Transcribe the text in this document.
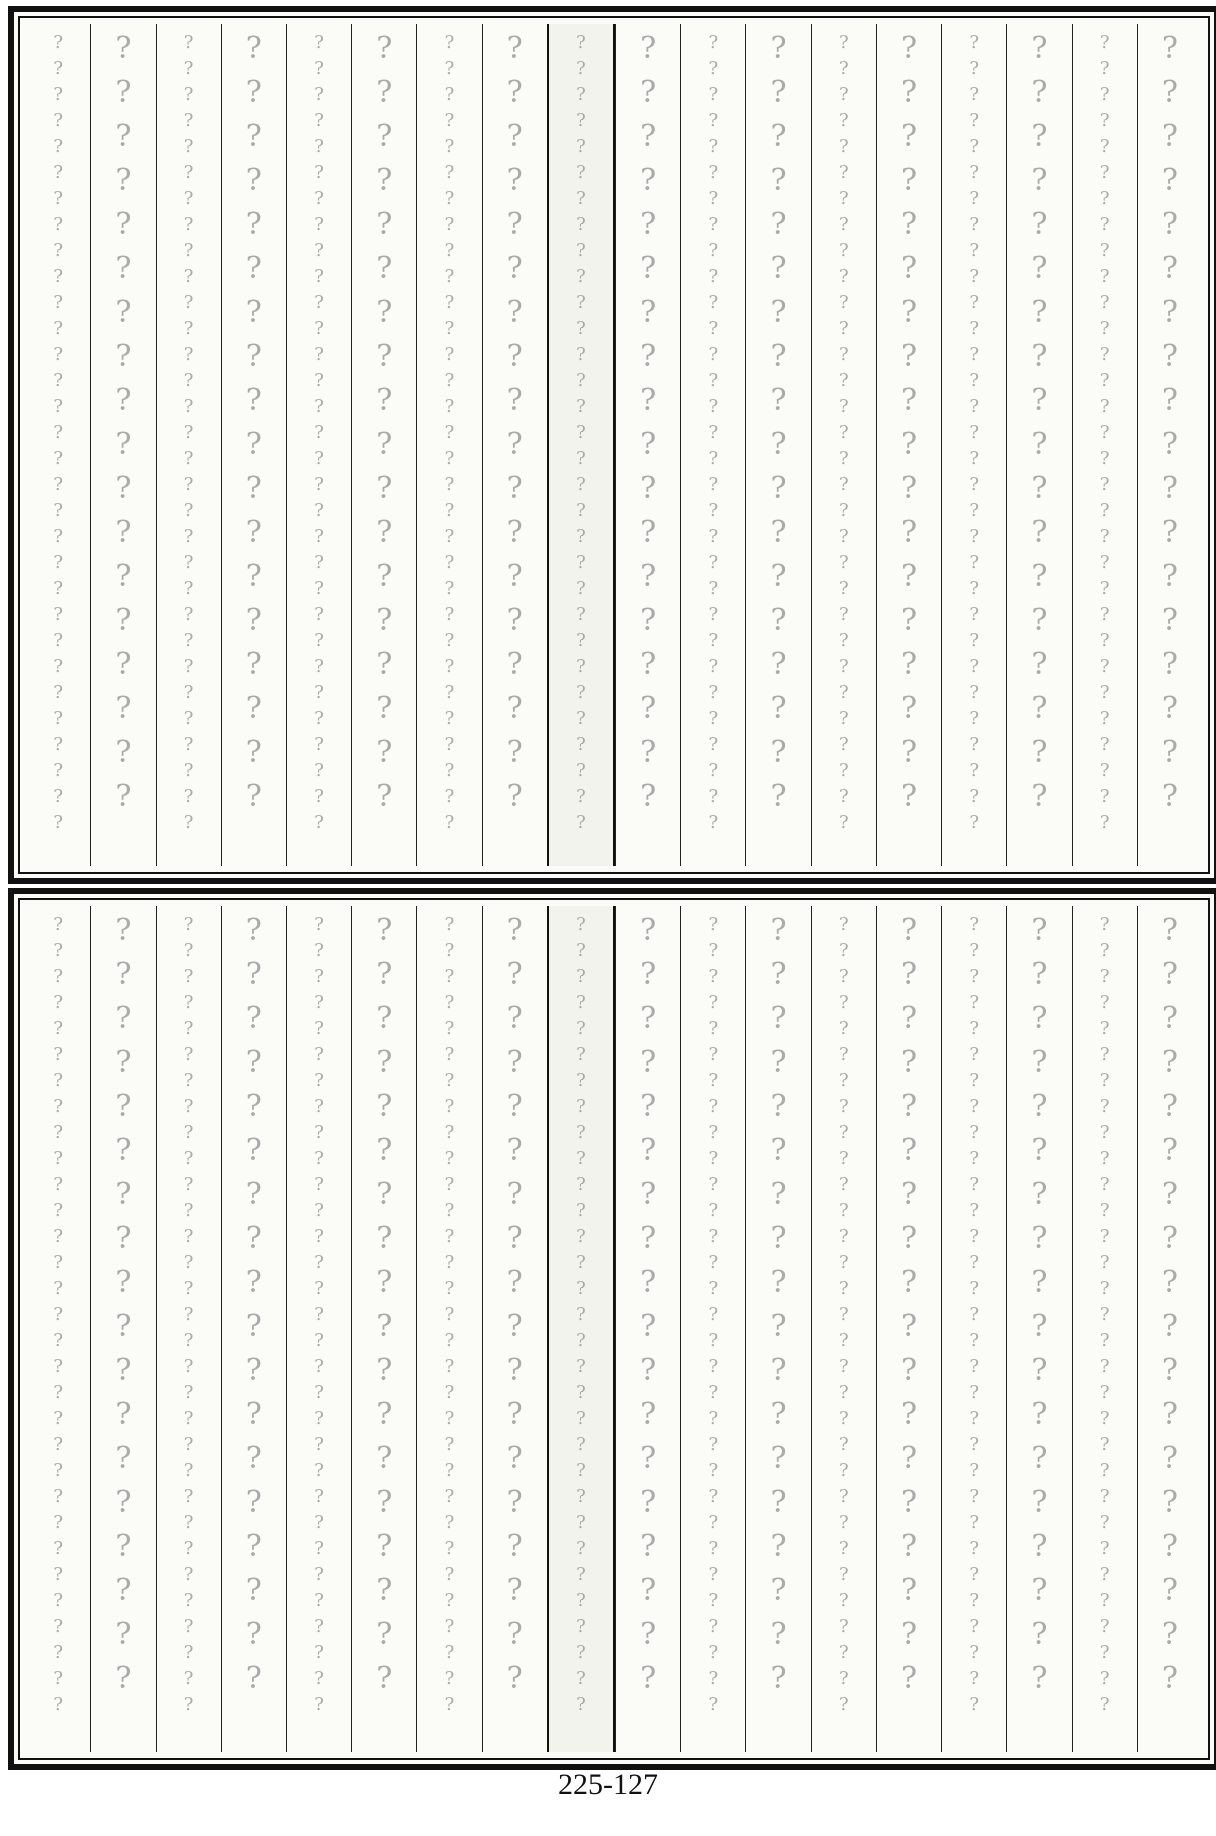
?
?
?
?
?
?
?
?
?
?
?
?
?
?
?
?
?
?
?
?
?
?
?
?
?
?
?
?
?
?
?
?
?
?
?
?
?
?
?
?
?
?
?
?
?
?
?
?
?
?
?
?
?
?
?
?
?
?
?
?
?
?
?
?
?
?
?
?
?
?
?
?
?
?
?
?
?
?
?
?
?
?
?
?
?
?
?
?
?
?
?
?
?
?
?
?
?
?
?
?
?
?
?
?
?
?
?
?
?
?
?
?
?
?
?
?
?
?
?
?
?
?
?
?
?
?
?
?
?
?
?
?
?
?
?
?
?
?
?
?
?
?
?
?
?
?
?
?
?
?
?
?
?
?
?
?
?
?
?
?
?
?
?
?
?
?
?
?
?
?
?
?
?
?
?
?
?
?
?
?
?
?
?
?
?
?
?
?
?
?
?
?
?
?
?
?
?
?
?
?
?
?
?
?
?
?
?
?
?
?
?
?
?
?
?
?
?
?
?
?
?
?
?
?
?
?
?
?
?
?
?
?
?
?
?
?
?
?
?
?
?
?
?
?
?
?
?
?
?
?
?
?
?
?
?
?
?
?
?
?
?
?
?
?
?
?
?
?
?
?
?
?
?
?
?
?
?
?
?
?
?
?
?
?
?
?
?
?
?
?
?
?
?
?
?
?
?
?
?
?
?
?
?
?
?
?
?
?
?
?
?
?
?
?
?
?
?
?
?
?
?
?
?
?
?
?
?
?
?
?
?
?
?
?
?
?
?
?
?
?
?
?
?
?
?
?
?
?
?
?
?
?
?
?
?
?
?
?
?
?
?
?
?
?
?
?
?
?
?
?
?
?
?
?
?
?
?
?
?
?
?
?
?
?
?
?
?
?
?
?
?
?
?
?
?
?
?
?
?
?
?
?
?
?
?
?
?
?
?
?
?
?
?
?
?
?
?
?
?
?
?
?
?
?
?
?
?
?
?
?
?
?
?
?
?
?
?
?
?
?
?
?
?
?
?
?
?
?
?
?
?
?
?
?
?
?
?
?
?
?
?
?
?
?
?
?
?
?
?
?
?
?
?
?
?
?
?
?
?
?
?
?
?
?
?
?
?
?
?
?
?
?
?
?
?
?
?
?
?
?
?
?
?
?
?
?
?
?
?
?
?
?
?
?
?
?
?
?
?
?
?
?
?
?
?
?
?
?
?
?
?
?
?
?
?
?
?
?
?
?
?
?
?
?
?
?
?
?
?
?
?
?
?
?
?
?
?
?
?
?
?
?
?
?
?
?
?
?
?
?
?
?
?
?
?
?
?
?
?
?
?
?
?
?
?
?
?
?
?
?
?
?
?
?
?
?
?
?
?
?
?
?
?
?
?
?
?
?
?
?
?
?
?
?
?
?
?
?
?
?
?
?
?
?
?
?
?
?
?
?
?
?
?
?
?
?
?
?
?
?
?
?
?
?
?
?
?
?
?
?
?
?
?
?
?
?
?
?
?
?
?
?
?
?
?
?
?
?
?
?
?
?
?
?
?
?
?
?
?
?
?
?
?
?
?
?
?
?
?
?
?
?
?
?
?
?
?
?
?
?
?
?
?
?
?
?
?
?
?
?
?
?
?
?
?
?
?
?
?
?
?
?
?
?
?
?
?
?
?
?
?
?
?
?
?
?
?
?
?
?
?
?
?
?
?
?
?
?
?
?
?
?
?
?
?
?
?
?
?
?
?
?
?
?
?
?
?
?
?
?
?
?
?
?
?
?
?
?
?
?
?
?
?
?
?
?
?
?
?
?
?
?
?
?
?
?
?
?
?
?
?
?
?
?
?
?
?
?
?
?
?
?
?
?
?
?
?
?
?
?
?
?
?
?
?
?
?
?
?
?
?
?
?
?
?
?
?
?
?
?
?
?
?
?
?
?
?
?
?
?
?
?
?
?
?
?
?
?
?
?
?
?
?
?
?
?
?
?
?
?
?
?
?
?
?
?
?
?
?
?
?
?
225-127
